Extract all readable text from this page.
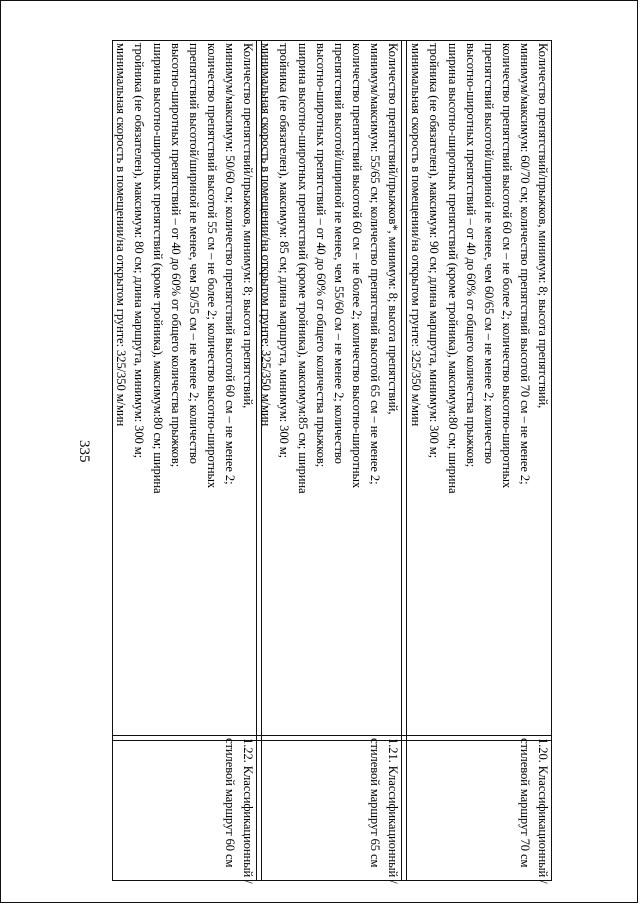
335

1.20. Классификационный /

стилевой маршрут 70 см

Количество препятствий/прыжков, минимум: 8; высота препятствий,

минимум/максимум: 60/70 см; количество препятствий высотой 70 см – не менее 2;

количество препятствий высотой 60 см – не более 2; количество высотно-широтных

препятствий высотой/шириной не менее, чем 60/65 см – не менее 2; количество

высотно-широтных препятствий – от 40 до 60% от общего количества прыжков;

ширина высотно-широтных препятствий (кроме тройника), максимум:80 см; ширина

тройника (не обязателен), максимум: 90 см; длина маршрута, минимум: 300 м;

минимальная скорость в помещении/на открытом грунте: 325/350 м/мин

1.21. Классификационный /

стилевой маршрут 65 см

Количество препятствий/прыжков*, минимум: 8; высота препятствий,

минимум/максимум: 55/65 см; количество препятствий высотой 65 см – не менее 2;

количество препятствий высотой 60 см – не более 2; количество высотно-широтных

препятствий высотой/шириной не менее, чем 55/60 см – не менее 2; количество

высотно-широтных препятствий – от 40 до 60% от общего количества прыжков;

ширина высотно-широтных препятствий (кроме тройника), максимум:85 см; ширина

тройника (не обязателен), максимум: 85 см; длина маршрута, минимум: 300 м;

минимальная скорость в помещении/на открытом грунте: 325/350 м/мин

1.22. Классификационный /

стилевой маршрут 60 см

Количество препятствий/прыжков, минимум: 8; высота препятствий,

минимум/максимум: 50/60 см; количество препятствий высотой 60 см – не менее 2;

количество препятствий высотой 55 см – не более 2; количество высотно-широтных

препятствий высотой/шириной не менее, чем 50/55 см – не менее 2; количество

высотно-широтных препятствий – от 40 до 60% от общего количества прыжков;

ширина высотно-широтных препятствий (кроме тройника), максимум:80 см; ширина

тройника (не обязателен), максимум: 80 см; длина маршрута, минимум: 300 м;

минимальная скорость в помещении/на открытом грунте: 325/350 м/мин
